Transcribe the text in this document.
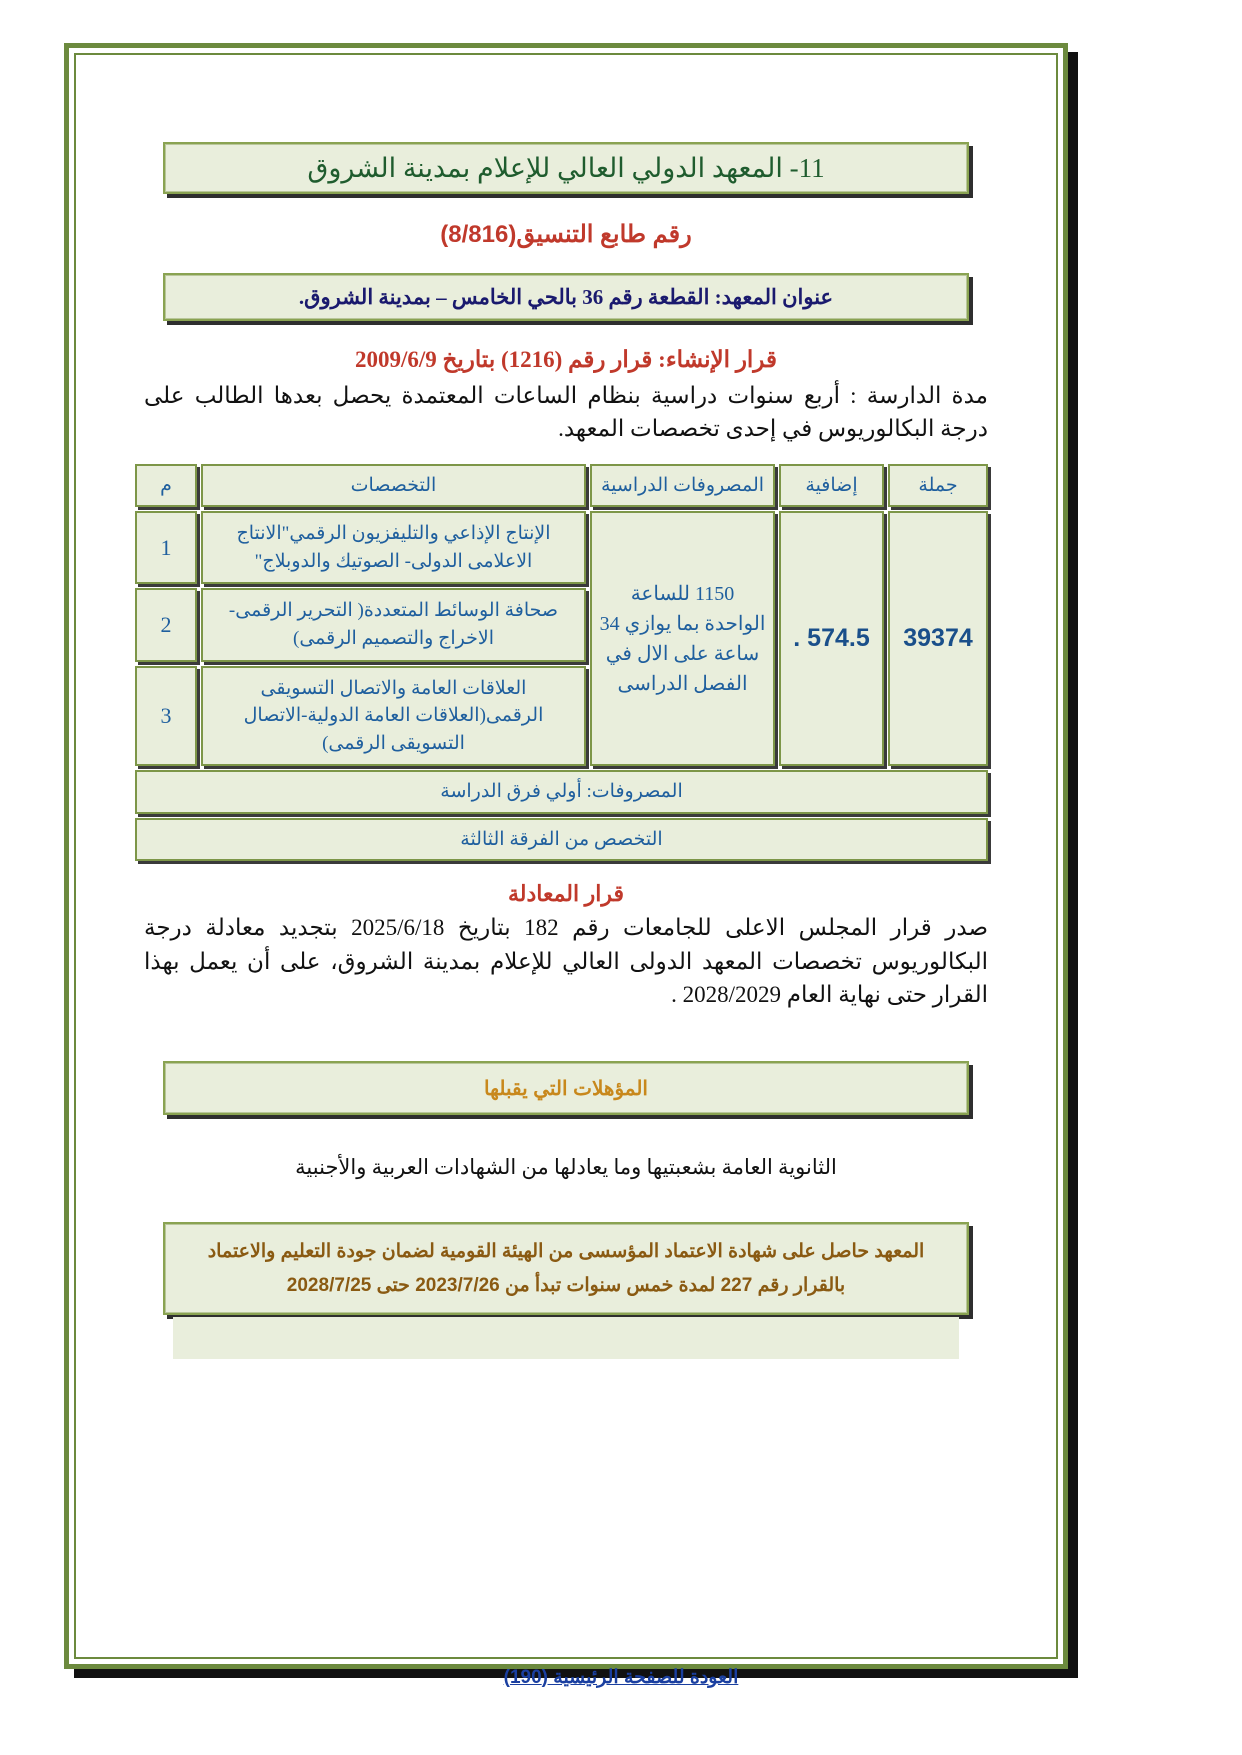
11- المعهد الدولي العالي للإعلام بمدينة الشروق
رقم طابع التنسيق(8/816)
عنوان المعهد: القطعة رقم 36 بالحي الخامس – بمدينة الشروق.
قرار الإنشاء: قرار رقم (1216) بتاريخ 2009/6/9
مدة الدارسة : أربع سنوات دراسية بنظام الساعات المعتمدة يحصل بعدها الطالب على درجة البكالوريوس في إحدى تخصصات المعهد.
جملة	إضافية	المصروفات الدراسية	التخصصات	م
39374	574.5 .	1150 للساعة الواحدة بما يوازي 34 ساعة على الال في الفصل الدراسى	الإنتاج الإذاعي والتليفزيون الرقمي"الانتاج الاعلامى الدولى- الصوتيك والدوبلاج"	1
			صحافة الوسائط المتعددة( التحرير الرقمى- الاخراج والتصميم الرقمى)	2
			العلاقات العامة والاتصال التسويقى الرقمى(العلاقات العامة الدولية-الاتصال التسويقى الرقمى)	3
المصروفات: أولي فرق الدراسة				
التخصص من الفرقة الثالثة				
قرار المعادلة
صدر قرار المجلس الاعلى للجامعات رقم 182 بتاريخ 2025/6/18 بتجديد معادلة درجة البكالوريوس تخصصات المعهد الدولى العالي للإعلام بمدينة الشروق، على أن يعمل بهذا القرار حتى نهاية العام 2028/2029 .
المؤهلات التي يقبلها
الثانوية العامة بشعبتيها وما يعادلها من الشهادات العربية والأجنبية
المعهد حاصل على شهادة الاعتماد المؤسسى من الهيئة القومية لضمان جودة التعليم والاعتماد
بالقرار رقم 227 لمدة خمس سنوات تبدأ من 2023/7/26 حتى 2028/7/25
العودة للصفحة الرئيسية (190)
